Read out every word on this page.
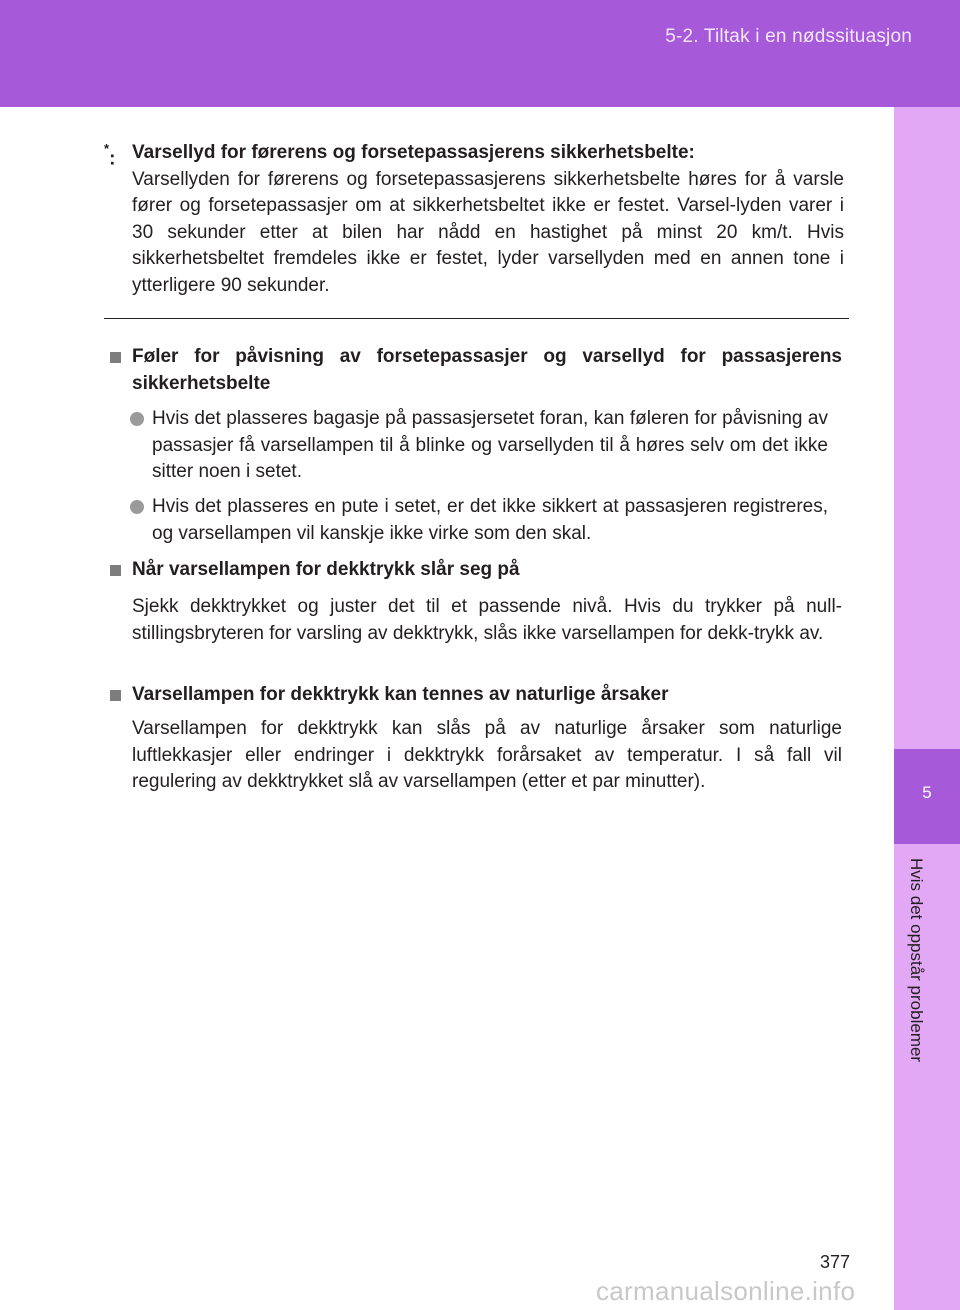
5-2. Tiltak i en nødssituasjon
5
Hvis det oppstår problemer
*: Varsellyd for førerens og forsetepassasjerens sikkerhetsbelte:
Varsellyden for førerens og forsetepassasjerens sikkerhetsbelte høres for å varsle fører og forsetepassasjer om at sikkerhetsbeltet ikke er festet. Varsel-lyden varer i 30 sekunder etter at bilen har nådd en hastighet på minst 20 km/t. Hvis sikkerhetsbeltet fremdeles ikke er festet, lyder varsellyden med en annen tone i ytterligere 90 sekunder.
Føler for påvisning av forsetepassasjer og varsellyd for passasjerens sikkerhetsbelte
Hvis det plasseres bagasje på passasjersetet foran, kan føleren for påvisning av passasjer få varsellampen til å blinke og varsellyden til å høres selv om det ikke sitter noen i setet.
Hvis det plasseres en pute i setet, er det ikke sikkert at passasjeren registreres, og varsellampen vil kanskje ikke virke som den skal.
Når varsellampen for dekktrykk slår seg på
Sjekk dekktrykket og juster det til et passende nivå. Hvis du trykker på null-stillingsbryteren for varsling av dekktrykk, slås ikke varsellampen for dekk-trykk av.
Varsellampen for dekktrykk kan tennes av naturlige årsaker
Varsellampen for dekktrykk kan slås på av naturlige årsaker som naturlige luftlekkasjer eller endringer i dekktrykk forårsaket av temperatur. I så fall vil regulering av dekktrykket slå av varsellampen (etter et par minutter).
377
carmanualsonline.info
